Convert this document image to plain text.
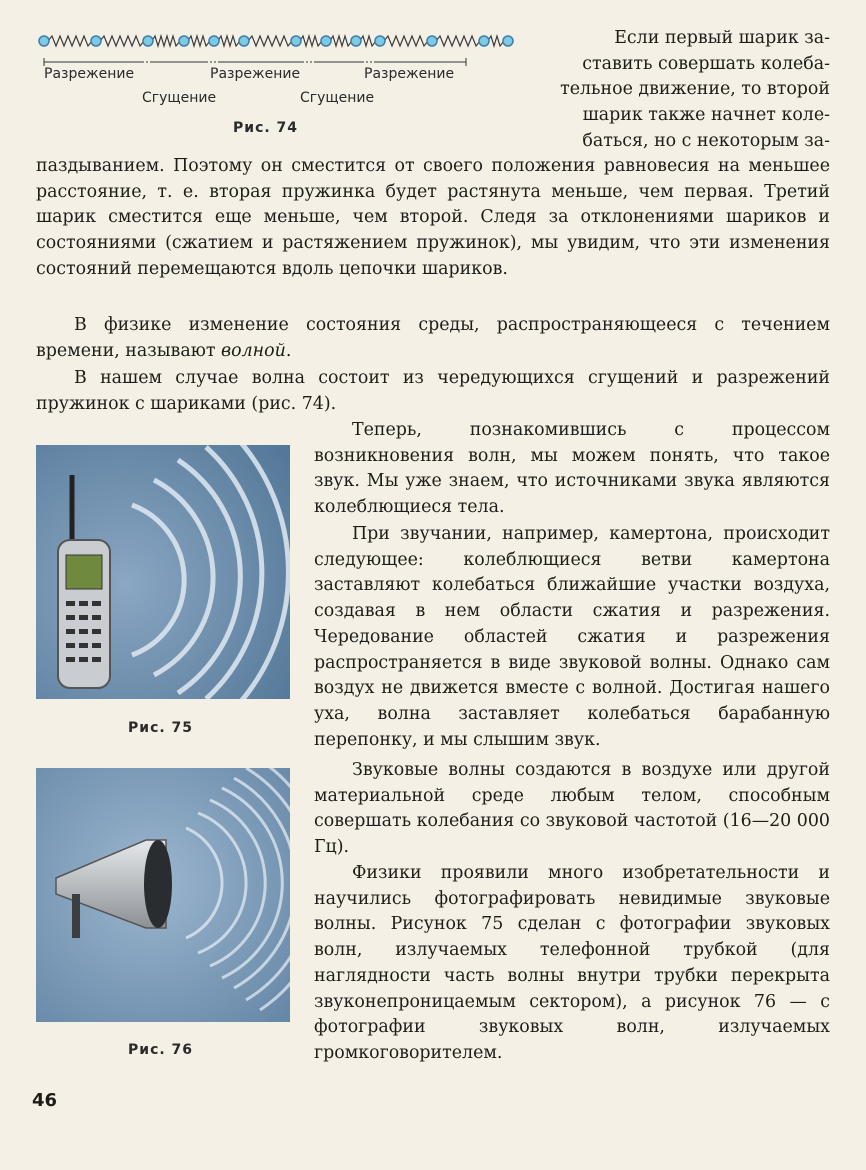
Разрежение	Разрежение	Разрежение
Сгущение	Сгущение
Рис. 74
Если первый шарик за-
ставить совершать колеба-
тельное движение, то второй
шарик также начнет коле-
баться, но с некоторым за-
паздыванием. Поэтому он сместится от своего положения равновесия на меньшее расстояние, т. е. вторая пружинка будет растянута меньше, чем первая. Третий шарик сместится еще меньше, чем второй. Следя за отклонениями шариков и состояниями (сжатием и растяжением пружинок), мы увидим, что эти изменения состояний перемещаются вдоль цепочки шариков.
В физике изменение состояния среды, распространяющееся с течением времени, называют волной.
В нашем случае волна состоит из чередующихся сгущений и разрежений пружинок с шариками (рис. 74).
Рис. 75
Теперь, познакомившись с процессом возникновения волн, мы можем понять, что такое звук. Мы уже знаем, что источниками звука являются колеблющиеся тела.
При звучании, например, камертона, происходит следующее: колеблющиеся ветви камертона заставляют колебаться ближайшие участки воздуха, создавая в нем области сжатия и разрежения. Чередование областей сжатия и разрежения распространяется в виде звуковой волны. Однако сам воздух не движется вместе с волной. Достигая нашего уха, волна заставляет колебаться барабанную перепонку, и мы слышим звук.
Звуковые волны создаются в воздухе или другой материальной среде любым телом, способным совершать колебания со звуковой частотой (16—20 000 Гц).
Физики проявили много изобретательности и научились фотографировать невидимые звуковые волны. Рисунок 75 сделан с фотографии звуковых волн, излучаемых телефонной трубкой (для наглядности часть волны внутри трубки перекрыта звуконепроницаемым сектором), а рисунок 76 — с фотографии звуковых волн, излучаемых громкоговорителем.
Рис. 76
46
